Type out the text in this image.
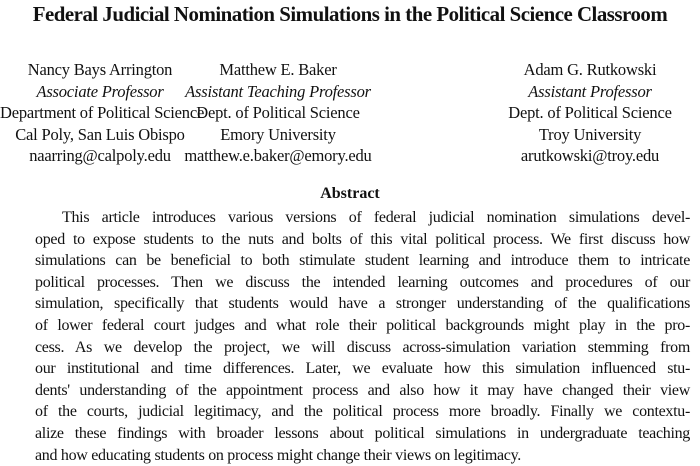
Federal Judicial Nomination Simulations in the Political Science Classroom
Nancy Bays Arrington
Associate Professor
Department of Political Science
Cal Poly, San Luis Obispo
naarring@calpoly.edu
Matthew E. Baker
Assistant Teaching Professor
Dept. of Political Science
Emory University
matthew.e.baker@emory.edu
Adam G. Rutkowski
Assistant Professor
Dept. of Political Science
Troy University
arutkowski@troy.edu
Abstract
This article introduces various versions of federal judicial nomination simulations devel-
oped to expose students to the nuts and bolts of this vital political process. We first discuss how
simulations can be beneficial to both stimulate student learning and introduce them to intricate
political processes. Then we discuss the intended learning outcomes and procedures of our
simulation, specifically that students would have a stronger understanding of the qualifications
of lower federal court judges and what role their political backgrounds might play in the pro-
cess. As we develop the project, we will discuss across-simulation variation stemming from
our institutional and time differences. Later, we evaluate how this simulation influenced stu-
dents' understanding of the appointment process and also how it may have changed their view
of the courts, judicial legitimacy, and the political process more broadly. Finally we contextu-
alize these findings with broader lessons about political simulations in undergraduate teaching
and how educating students on process might change their views on legitimacy.
